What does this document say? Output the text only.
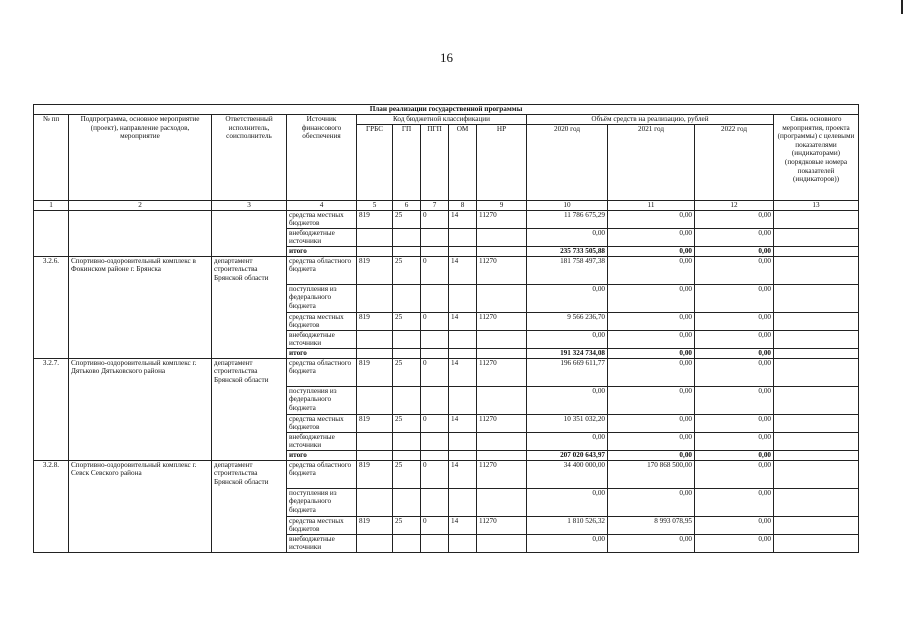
16
План реализации государственной программы												
№ пп	Подпрограмма, основное мероприятие (проект), направление расходов, мероприятие	Ответственный исполнитель, соисполнитель	Источник финансового обеспечения	Код бюджетной классификации					Объём средств на реализацию, рублей			Связь основного мероприятия, проекта (программы) с целевыми показателями (индикаторами) (порядковые номера показателей (индикаторов))
				ГРБС	ГП	ПГП	ОМ	НР	2020 год	2021 год	2022 год	
1	2	3	4	5	6	7	8	9	10	11	12	13
			средства местных бюджетов	819	25	0	14	11270	11 786 675,29	0,00	0,00	
			внебюджетные источники						0,00	0,00	0,00	
			итого						235 733 505,88	0,00	0,00	
3.2.6.	Спортивно-оздоровительный комплекс в Фокинском районе г. Брянска	департамент строительства Брянской области	средства областного бюджета	819	25	0	14	11270	181 758 497,38	0,00	0,00	
			поступления из федерального бюджета						0,00	0,00	0,00	
			средства местных бюджетов	819	25	0	14	11270	9 566 236,70	0,00	0,00	
			внебюджетные источники						0,00	0,00	0,00	
			итого						191 324 734,08	0,00	0,00	
3.2.7.	Спортивно-оздоровительный комплекс г. Дятьково Дятьковского района	департамент строительства Брянской области	средства областного бюджета	819	25	0	14	11270	196 669 611,77	0,00	0,00	
			поступления из федерального бюджета						0,00	0,00	0,00	
			средства местных бюджетов	819	25	0	14	11270	10 351 032,20	0,00	0,00	
			внебюджетные источники						0,00	0,00	0,00	
			итого						207 020 643,97	0,00	0,00	
3.2.8.	Спортивно-оздоровительный комплекс г. Севск Севского района	департамент строительства Брянской области	средства областного бюджета	819	25	0	14	11270	34 400 000,00	170 868 500,00	0,00	
			поступления из федерального бюджета						0,00	0,00	0,00	
			средства местных бюджетов	819	25	0	14	11270	1 810 526,32	8 993 078,95	0,00	
			внебюджетные источники						0,00	0,00	0,00	
